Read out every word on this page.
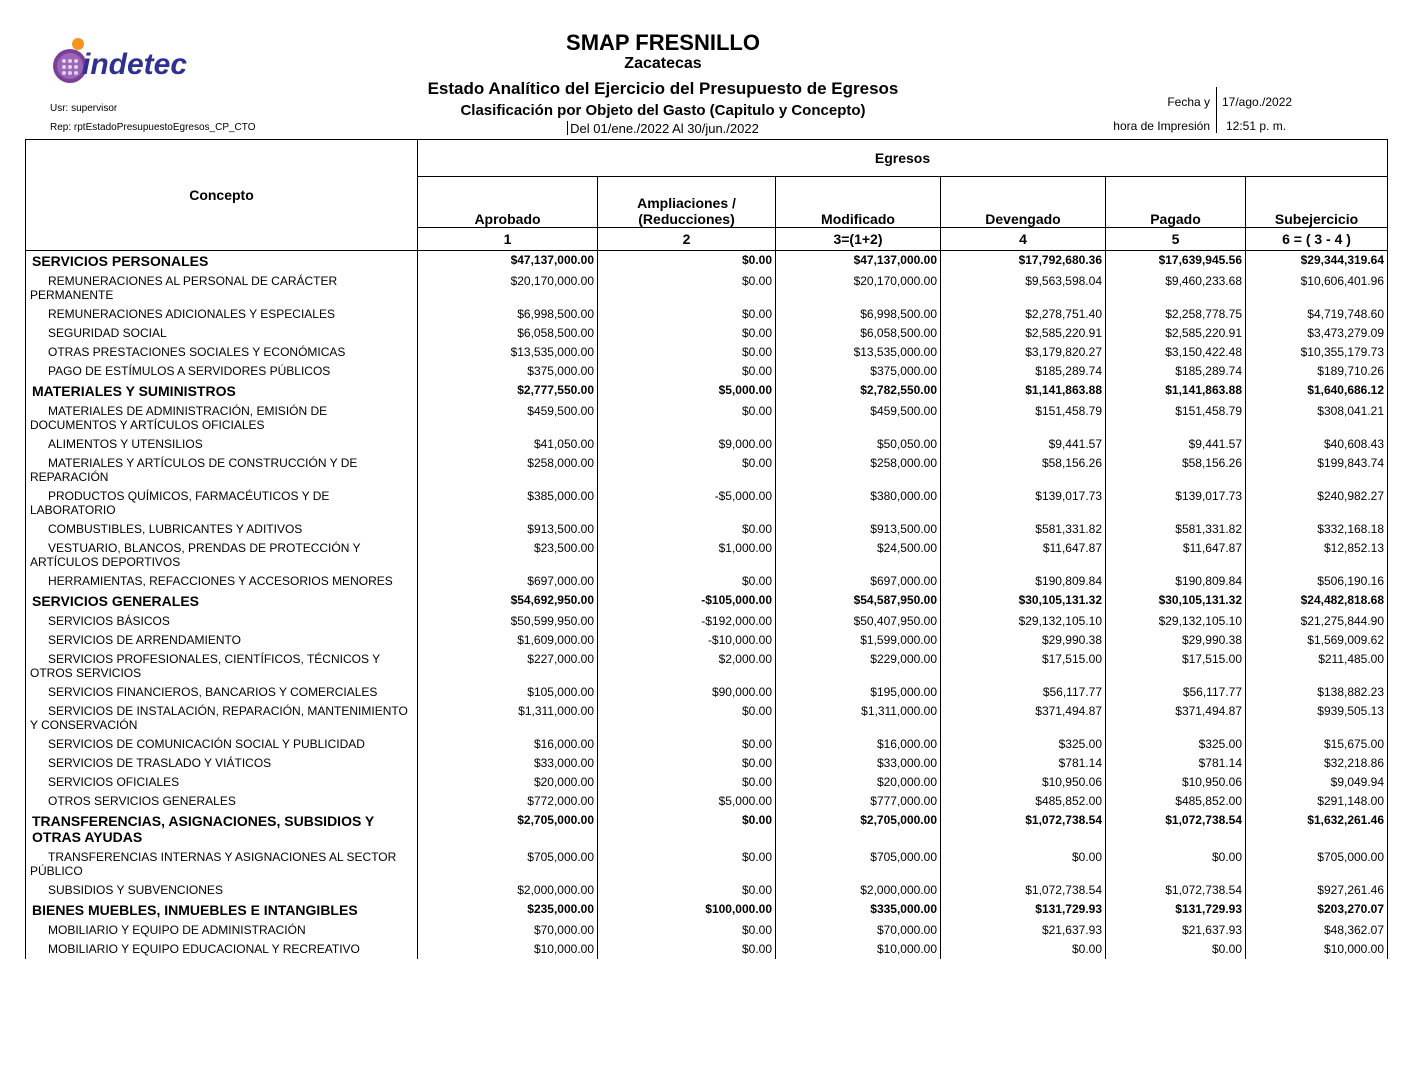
indetec
Usr: supervisor
Rep: rptEstadoPresupuestoEgresos_CP_CTO
SMAP FRESNILLO
Zacatecas
Estado Analítico del Ejercicio del Presupuesto de Egresos
Clasificación por Objeto del Gasto (Capitulo y Concepto)
Del 01/ene./2022 Al 30/jun./2022
Fecha y
hora de Impresión
17/ago./2022
12:51 p. m.
Concepto	Egresos					
	Aprobado	Ampliaciones / (Reducciones)	Modificado	Devengado	Pagado	Subejercicio
	1	2	3=(1+2)	4	5	6 = ( 3 - 4 )
SERVICIOS PERSONALES	$47,137,000.00	$0.00	$47,137,000.00	$17,792,680.36	$17,639,945.56	$29,344,319.64
REMUNERACIONES AL PERSONAL DE CARÁCTER PERMANENTE	$20,170,000.00	$0.00	$20,170,000.00	$9,563,598.04	$9,460,233.68	$10,606,401.96
REMUNERACIONES ADICIONALES Y ESPECIALES	$6,998,500.00	$0.00	$6,998,500.00	$2,278,751.40	$2,258,778.75	$4,719,748.60
SEGURIDAD SOCIAL	$6,058,500.00	$0.00	$6,058,500.00	$2,585,220.91	$2,585,220.91	$3,473,279.09
OTRAS PRESTACIONES SOCIALES Y ECONÓMICAS	$13,535,000.00	$0.00	$13,535,000.00	$3,179,820.27	$3,150,422.48	$10,355,179.73
PAGO DE ESTÍMULOS A SERVIDORES PÚBLICOS	$375,000.00	$0.00	$375,000.00	$185,289.74	$185,289.74	$189,710.26
MATERIALES Y SUMINISTROS	$2,777,550.00	$5,000.00	$2,782,550.00	$1,141,863.88	$1,141,863.88	$1,640,686.12
MATERIALES DE ADMINISTRACIÓN, EMISIÓN DE DOCUMENTOS Y ARTÍCULOS OFICIALES	$459,500.00	$0.00	$459,500.00	$151,458.79	$151,458.79	$308,041.21
ALIMENTOS Y UTENSILIOS	$41,050.00	$9,000.00	$50,050.00	$9,441.57	$9,441.57	$40,608.43
MATERIALES Y ARTÍCULOS DE CONSTRUCCIÓN Y DE REPARACIÓN	$258,000.00	$0.00	$258,000.00	$58,156.26	$58,156.26	$199,843.74
PRODUCTOS QUÍMICOS, FARMACÉUTICOS Y DE LABORATORIO	$385,000.00	-$5,000.00	$380,000.00	$139,017.73	$139,017.73	$240,982.27
COMBUSTIBLES, LUBRICANTES Y ADITIVOS	$913,500.00	$0.00	$913,500.00	$581,331.82	$581,331.82	$332,168.18
VESTUARIO, BLANCOS, PRENDAS DE PROTECCIÓN Y ARTÍCULOS DEPORTIVOS	$23,500.00	$1,000.00	$24,500.00	$11,647.87	$11,647.87	$12,852.13
HERRAMIENTAS, REFACCIONES Y ACCESORIOS MENORES	$697,000.00	$0.00	$697,000.00	$190,809.84	$190,809.84	$506,190.16
SERVICIOS GENERALES	$54,692,950.00	-$105,000.00	$54,587,950.00	$30,105,131.32	$30,105,131.32	$24,482,818.68
SERVICIOS BÁSICOS	$50,599,950.00	-$192,000.00	$50,407,950.00	$29,132,105.10	$29,132,105.10	$21,275,844.90
SERVICIOS DE ARRENDAMIENTO	$1,609,000.00	-$10,000.00	$1,599,000.00	$29,990.38	$29,990.38	$1,569,009.62
SERVICIOS PROFESIONALES, CIENTÍFICOS, TÉCNICOS Y OTROS SERVICIOS	$227,000.00	$2,000.00	$229,000.00	$17,515.00	$17,515.00	$211,485.00
SERVICIOS FINANCIEROS, BANCARIOS Y COMERCIALES	$105,000.00	$90,000.00	$195,000.00	$56,117.77	$56,117.77	$138,882.23
SERVICIOS DE INSTALACIÓN, REPARACIÓN, MANTENIMIENTO Y CONSERVACIÓN	$1,311,000.00	$0.00	$1,311,000.00	$371,494.87	$371,494.87	$939,505.13
SERVICIOS DE COMUNICACIÓN SOCIAL Y PUBLICIDAD	$16,000.00	$0.00	$16,000.00	$325.00	$325.00	$15,675.00
SERVICIOS DE TRASLADO Y VIÁTICOS	$33,000.00	$0.00	$33,000.00	$781.14	$781.14	$32,218.86
SERVICIOS OFICIALES	$20,000.00	$0.00	$20,000.00	$10,950.06	$10,950.06	$9,049.94
OTROS SERVICIOS GENERALES	$772,000.00	$5,000.00	$777,000.00	$485,852.00	$485,852.00	$291,148.00
TRANSFERENCIAS, ASIGNACIONES, SUBSIDIOS Y OTRAS AYUDAS	$2,705,000.00	$0.00	$2,705,000.00	$1,072,738.54	$1,072,738.54	$1,632,261.46
TRANSFERENCIAS INTERNAS Y ASIGNACIONES AL SECTOR PÚBLICO	$705,000.00	$0.00	$705,000.00	$0.00	$0.00	$705,000.00
SUBSIDIOS Y SUBVENCIONES	$2,000,000.00	$0.00	$2,000,000.00	$1,072,738.54	$1,072,738.54	$927,261.46
BIENES MUEBLES, INMUEBLES E INTANGIBLES	$235,000.00	$100,000.00	$335,000.00	$131,729.93	$131,729.93	$203,270.07
MOBILIARIO Y EQUIPO DE ADMINISTRACIÓN	$70,000.00	$0.00	$70,000.00	$21,637.93	$21,637.93	$48,362.07
MOBILIARIO Y EQUIPO EDUCACIONAL Y RECREATIVO	$10,000.00	$0.00	$10,000.00	$0.00	$0.00	$10,000.00
